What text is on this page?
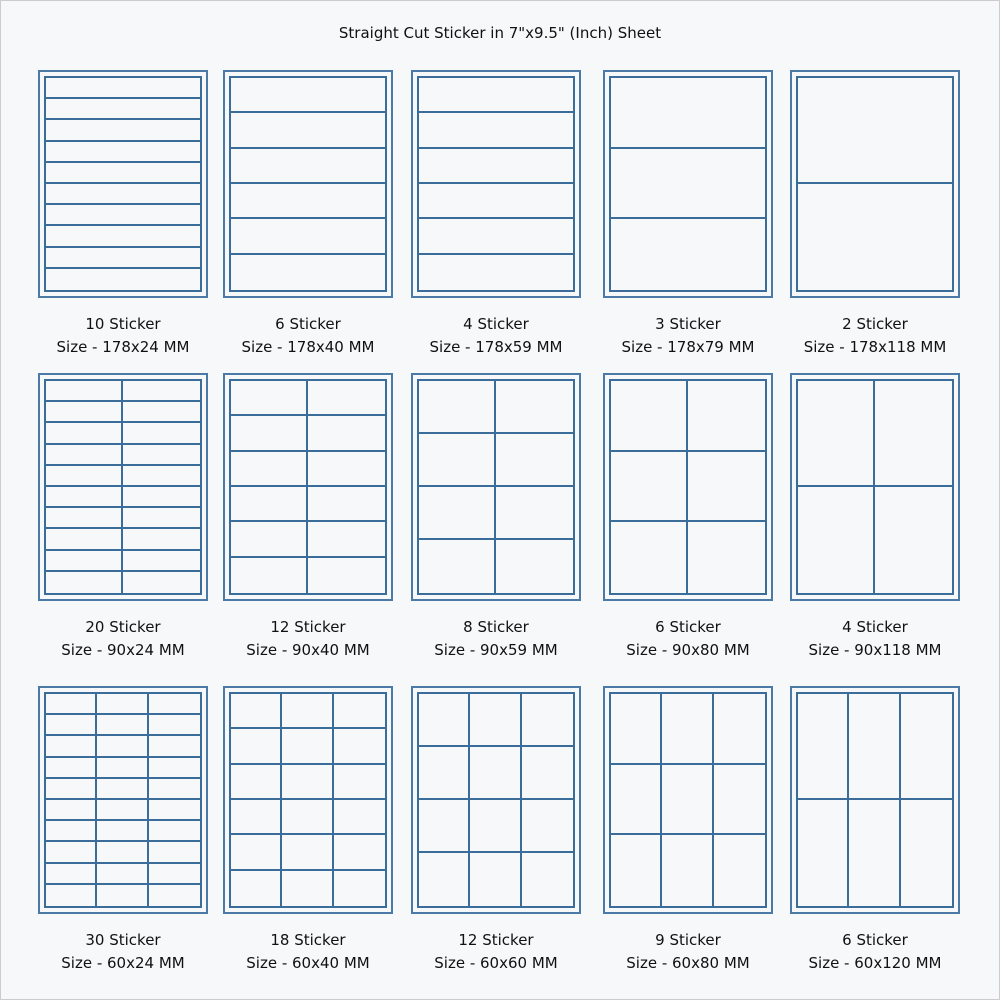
Straight Cut Sticker in 7"x9.5" (Inch) Sheet
10 Sticker
Size - 178x24 MM
6 Sticker
Size - 178x40 MM
4 Sticker
Size - 178x59 MM
3 Sticker
Size - 178x79 MM
2 Sticker
Size - 178x118 MM
20 Sticker
Size - 90x24 MM
12 Sticker
Size - 90x40 MM
8 Sticker
Size - 90x59 MM
6 Sticker
Size - 90x80 MM
4 Sticker
Size - 90x118 MM
30 Sticker
Size - 60x24 MM
18 Sticker
Size - 60x40 MM
12 Sticker
Size - 60x60 MM
9 Sticker
Size - 60x80 MM
6 Sticker
Size - 60x120 MM
